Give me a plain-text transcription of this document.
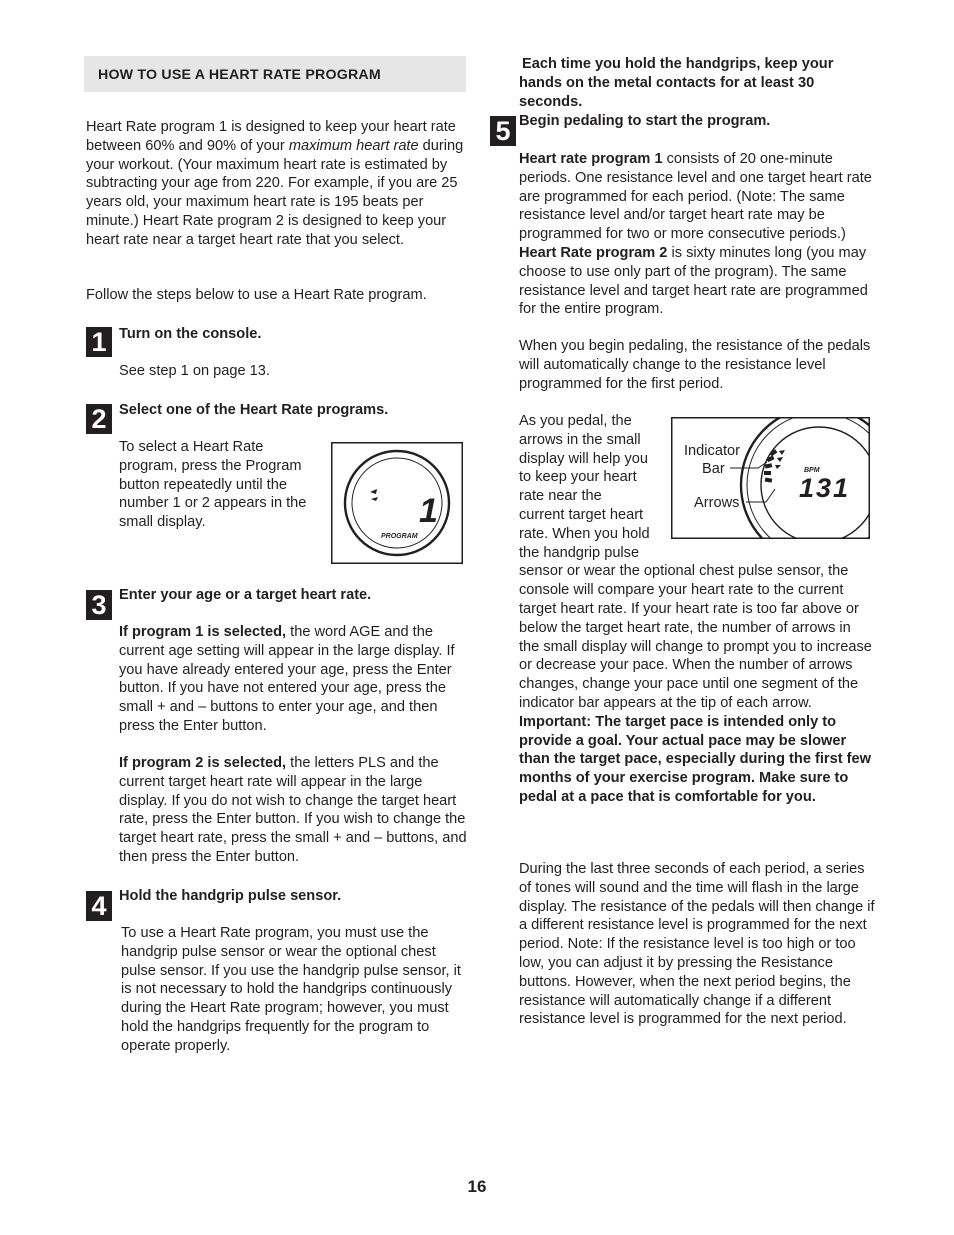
HOW TO USE A HEART RATE PROGRAM

Heart Rate program 1 is designed to keep your heart rate between 60% and 90% of your maximum heart rate during your workout. (Your maximum heart rate is estimated by subtracting your age from 220. For example, if you are 25 years old, your maximum heart rate is 195 beats per minute.) Heart Rate program 2 is designed to keep your heart rate near a target heart rate that you select.

Follow the steps below to use a Heart Rate program.

1 Turn on the console.

See step 1 on page 13.

2 Select one of the Heart Rate programs.

To select a Heart Rate program, press the Program button repeatedly until the number 1 or 2 appears in the small display.	1
PROGRAM
3 Enter your age or a target heart rate.

If program 1 is selected, the word AGE and the current age setting will appear in the large display. If you have already entered your age, press the Enter button. If you have not entered your age, press the small + and – buttons to enter your age, and then press the Enter button.

If program 2 is selected, the letters PLS and the current target heart rate will appear in the large display. If you do not wish to change the target heart rate, press the Enter button. If you wish to change the target heart rate, press the small + and – buttons, and then press the Enter button.

4 Hold the handgrip pulse sensor.

To use a Heart Rate program, you must use the handgrip pulse sensor or wear the optional chest pulse sensor. If you use the handgrip pulse sensor, it is not necessary to hold the handgrips continuously during the Heart Rate program; however, you must hold the handgrips frequently for the program to operate properly.

Each time you hold the handgrips, keep your hands on the metal contacts for at least 30 seconds.

5 Begin pedaling to start the program.

Heart rate program 1 consists of 20 one-minute periods. One resistance level and one target heart rate are programmed for each period. (Note: The same resistance level and/or target heart rate may be programmed for two or more consecutive periods.) Heart Rate program 2 is sixty minutes long (you may choose to use only part of the program). The same resistance level and target heart rate are programmed for the entire program.

When you begin pedaling, the resistance of the pedals will automatically change to the resistance level programmed for the first period.

As you pedal, the arrows in the small display will help you to keep your heart rate near the current target heart rate. When you hold the handgrip pulse sensor or wear the optional chest pulse sensor, the console will compare your heart rate to the current target heart rate. If your heart rate is too far above or below the target heart rate, the number of arrows in the small display will change to prompt you to increase or decrease your pace. When the number of arrows changes, change your pace until one segment of the indicator bar appears at the tip of each arrow. Important: The target pace is intended only to provide a goal. Your actual pace may be slower than the target pace, especially during the first few months of your exercise program. Make sure to pedal at a pace that is comfortable for you.

During the last three seconds of each period, a series of tones will sound and the time will flash in the large display. The resistance of the pedals will then change if a different resistance level is programmed for the next period. Note: If the resistance level is too high or too low, you can adjust it by pressing the Resistance buttons. However, when the next period begins, the resistance will automatically change if a different resistance level is programmed for the next period.

BPM
131
Indicator
Bar
Arrows
16
